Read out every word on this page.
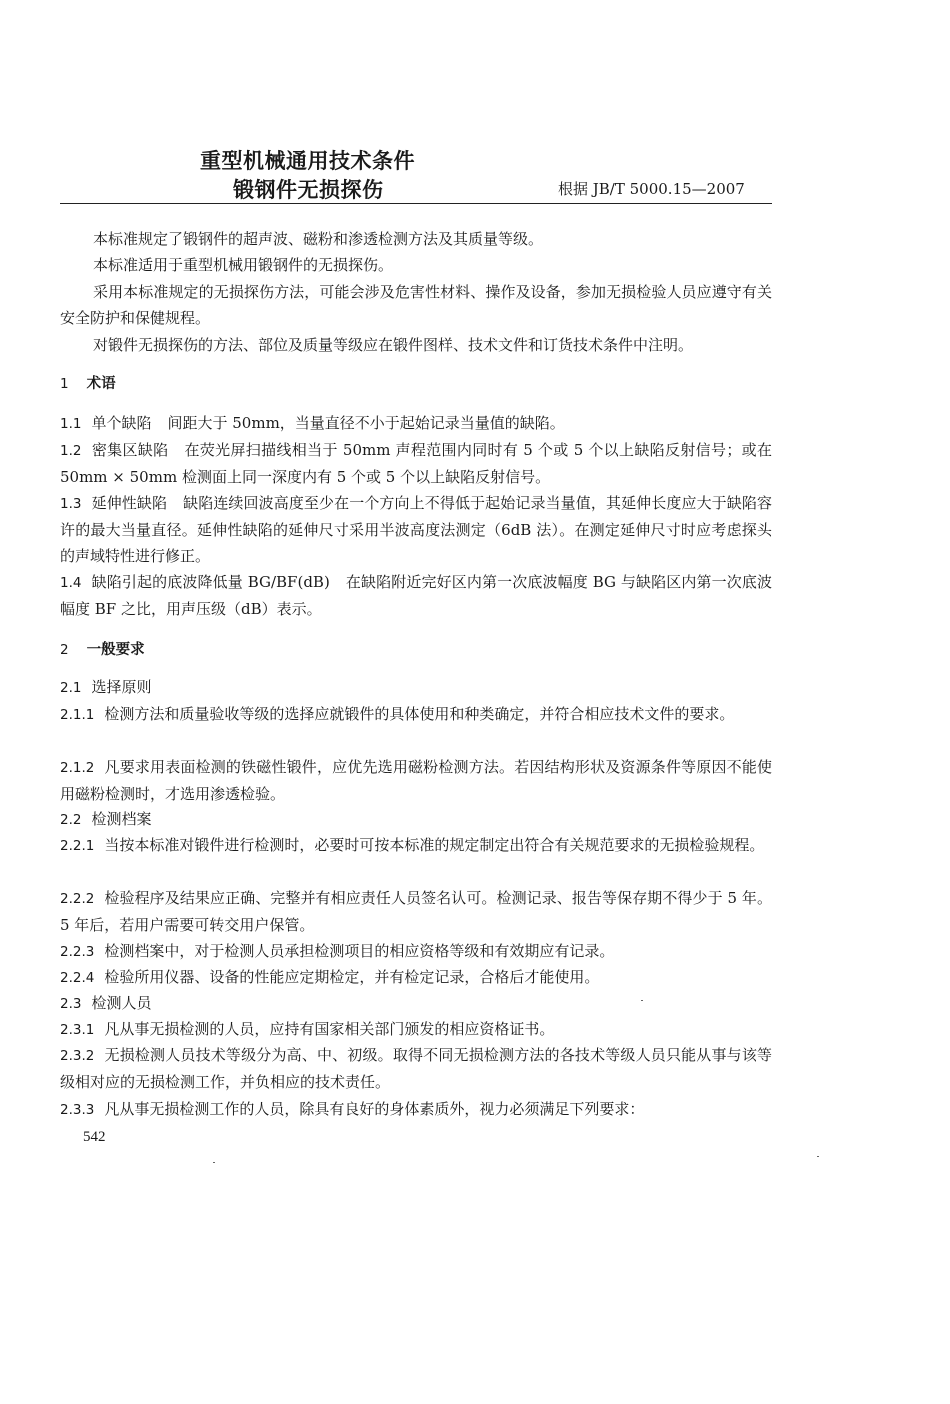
重型机械通用技术条件
锻钢件无损探伤	根据 JB/T 5000.15—2007
本标准规定了锻钢件的超声波、磁粉和渗透检测方法及其质量等级。
本标准适用于重型机械用锻钢件的无损探伤。
采用本标准规定的无损探伤方法，可能会涉及危害性材料、操作及设备，参加无损检验人员应遵守有关安全防护和保健规程。
对锻件无损探伤的方法、部位及质量等级应在锻件图样、技术文件和订货技术条件中注明。
1 术语
1.1 单个缺陷 间距大于 50mm，当量直径不小于起始记录当量值的缺陷。
1.2 密集区缺陷 在荧光屏扫描线相当于 50mm 声程范围内同时有 5 个或 5 个以上缺陷反射信号；或在 50mm × 50mm 检测面上同一深度内有 5 个或 5 个以上缺陷反射信号。
1.3 延伸性缺陷 缺陷连续回波高度至少在一个方向上不得低于起始记录当量值，其延伸长度应大于缺陷容许的最大当量直径。延伸性缺陷的延伸尺寸采用半波高度法测定（6dB 法）。在测定延伸尺寸时应考虑探头的声域特性进行修正。
1.4 缺陷引起的底波降低量 BG/BF(dB) 在缺陷附近完好区内第一次底波幅度 BG 与缺陷区内第一次底波幅度 BF 之比，用声压级（dB）表示。
2 一般要求
2.1 选择原则
2.1.1 检测方法和质量验收等级的选择应就锻件的具体使用和种类确定，并符合相应技术文件的要求。
2.1.2 凡要求用表面检测的铁磁性锻件，应优先选用磁粉检测方法。若因结构形状及资源条件等原因不能使用磁粉检测时，才选用渗透检验。
2.2 检测档案
2.2.1 当按本标准对锻件进行检测时，必要时可按本标准的规定制定出符合有关规范要求的无损检验规程。
2.2.2 检验程序及结果应正确、完整并有相应责任人员签名认可。检测记录、报告等保存期不得少于 5 年。5 年后，若用户需要可转交用户保管。
2.2.3 检测档案中，对于检测人员承担检测项目的相应资格等级和有效期应有记录。
2.2.4 检验所用仪器、设备的性能应定期检定，并有检定记录，合格后才能使用。
2.3 检测人员
2.3.1 凡从事无损检测的人员，应持有国家相关部门颁发的相应资格证书。
2.3.2 无损检测人员技术等级分为高、中、初级。取得不同无损检测方法的各技术等级人员只能从事与该等级相对应的无损检测工作，并负相应的技术责任。
2.3.3 凡从事无损检测工作的人员，除具有良好的身体素质外，视力必须满足下列要求：
542
